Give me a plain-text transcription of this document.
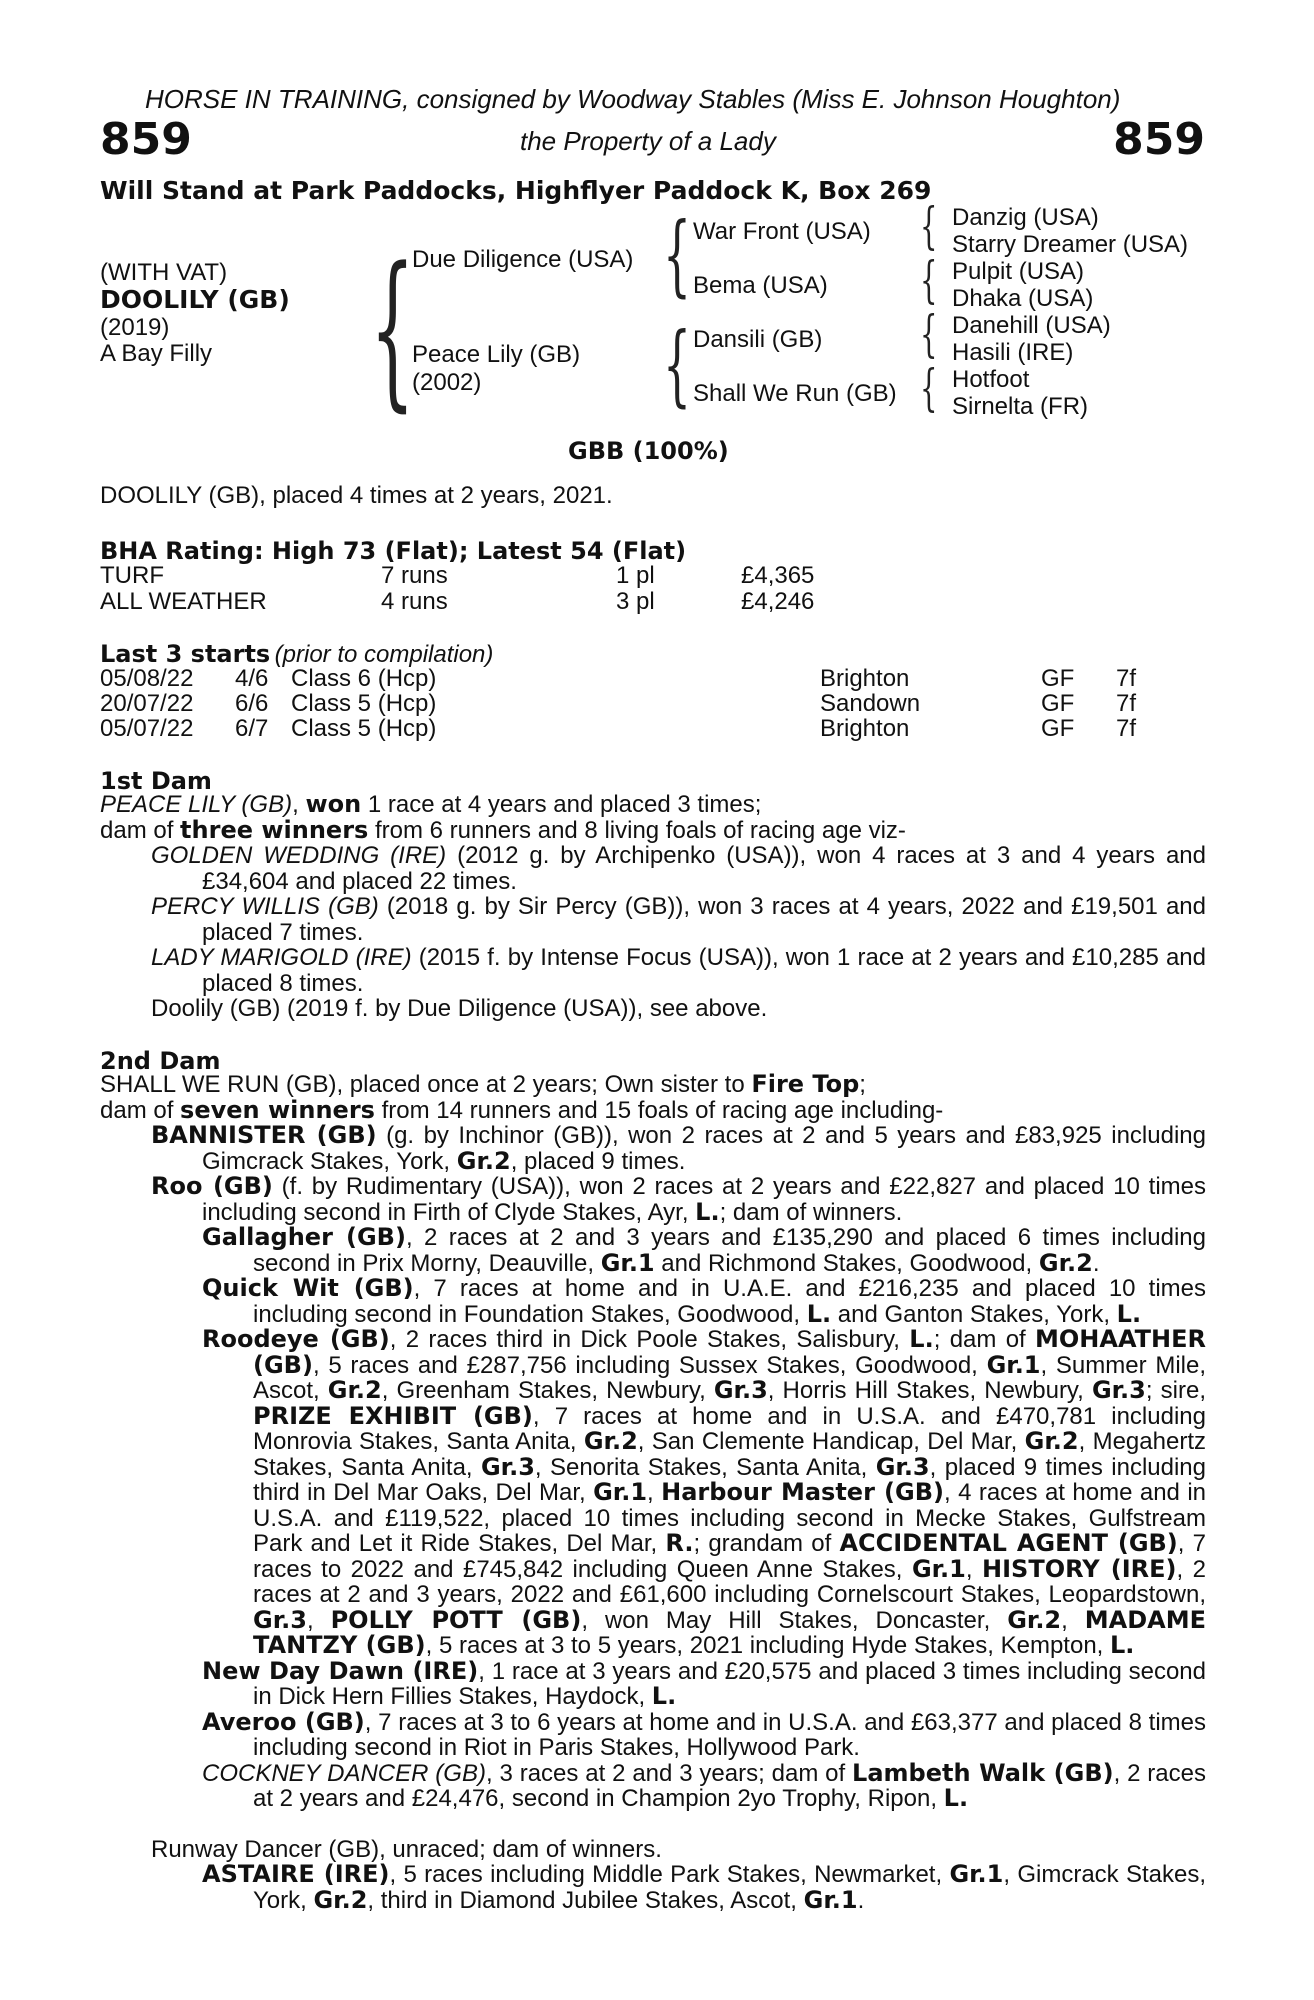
HORSE IN TRAINING, consigned by Woodway Stables (Miss E. Johnson Houghton)
859	859
the Property of a Lady
Will Stand at Park Paddocks, Highflyer Paddock K, Box 269
(WITH VAT)
DOOLILY (GB)
(2019)
A Bay Filly {
Due Diligence (USA)
Peace Lily (GB)
(2002)
{
{
War Front (USA)
Bema (USA)
Dansili (GB)
Shall We Run (GB)
{
{
{
{
Danzig (USA)
Starry Dreamer (USA)
Pulpit (USA)
Dhaka (USA)
Danehill (USA)
Hasili (IRE)
Hotfoot
Sirnelta (FR)
GBB (100%)
DOOLILY (GB), placed 4 times at 2 years, 2021.
BHA Rating: High 73 (Flat); Latest 54 (Flat)
TURF	7 runs	1 pl	£4,365
ALL WEATHER	4 runs	3 pl	£4,246
Last 3 starts (prior to compilation)
05/08/22 4/6 Class 6 (Hcp)	Brighton	GF 7f
20/07/22 6/6 Class 5 (Hcp)	Sandown	GF 7f
05/07/22 6/7 Class 5 (Hcp)	Brighton	GF 7f
1st Dam

PEACE LILY (GB), won 1 race at 4 years and placed 3 times;

dam of three winners from 6 runners and 8 living foals of racing age viz-

GOLDEN WEDDING (IRE) (2012 g. by Archipenko (USA)), won 4 races at 3 and 4 years and £34,604 and placed 22 times.

PERCY WILLIS (GB) (2018 g. by Sir Percy (GB)), won 3 races at 4 years, 2022 and £19,501 and placed 7 times.

LADY MARIGOLD (IRE) (2015 f. by Intense Focus (USA)), won 1 race at 2 years and £10,285 and placed 8 times.

Doolily (GB) (2019 f. by Due Diligence (USA)), see above.

2nd Dam

SHALL WE RUN (GB), placed once at 2 years; Own sister to Fire Top;

dam of seven winners from 14 runners and 15 foals of racing age including-

BANNISTER (GB) (g. by Inchinor (GB)), won 2 races at 2 and 5 years and £83,925 including Gimcrack Stakes, York, Gr.2, placed 9 times.

Roo (GB) (f. by Rudimentary (USA)), won 2 races at 2 years and £22,827 and placed 10 times including second in Firth of Clyde Stakes, Ayr, L.; dam of winners.

Gallagher (GB), 2 races at 2 and 3 years and £135,290 and placed 6 times including second in Prix Morny, Deauville, Gr.1 and Richmond Stakes, Goodwood, Gr.2.

Quick Wit (GB), 7 races at home and in U.A.E. and £216,235 and placed 10 times including second in Foundation Stakes, Goodwood, L. and Ganton Stakes, York, L.

Roodeye (GB), 2 races third in Dick Poole Stakes, Salisbury, L.; dam of MOHAATHER (GB), 5 races and £287,756 including Sussex Stakes, Goodwood, Gr.1, Summer Mile, Ascot, Gr.2, Greenham Stakes, Newbury, Gr.3, Horris Hill Stakes, Newbury, Gr.3; sire, PRIZE EXHIBIT (GB), 7 races at home and in U.S.A. and £470,781 including Monrovia Stakes, Santa Anita, Gr.2, San Clemente Handicap, Del Mar, Gr.2, Megahertz Stakes, Santa Anita, Gr.3, Senorita Stakes, Santa Anita, Gr.3, placed 9 times including third in Del Mar Oaks, Del Mar, Gr.1, Harbour Master (GB), 4 races at home and in U.S.A. and £119,522, placed 10 times including second in Mecke Stakes, Gulfstream Park and Let it Ride Stakes, Del Mar, R.; grandam of ACCIDENTAL AGENT (GB), 7 races to 2022 and £745,842 including Queen Anne Stakes, Gr.1, HISTORY (IRE), 2 races at 2 and 3 years, 2022 and £61,600 including Cornelscourt Stakes, Leopardstown, Gr.3, POLLY POTT (GB), won May Hill Stakes, Doncaster, Gr.2, MADAME TANTZY (GB), 5 races at 3 to 5 years, 2021 including Hyde Stakes, Kempton, L.

New Day Dawn (IRE), 1 race at 3 years and £20,575 and placed 3 times including second in Dick Hern Fillies Stakes, Haydock, L.

Averoo (GB), 7 races at 3 to 6 years at home and in U.S.A. and £63,377 and placed 8 times including second in Riot in Paris Stakes, Hollywood Park.

COCKNEY DANCER (GB), 3 races at 2 and 3 years; dam of Lambeth Walk (GB), 2 races at 2 years and £24,476, second in Champion 2yo Trophy, Ripon, L.

Runway Dancer (GB), unraced; dam of winners.

ASTAIRE (IRE), 5 races including Middle Park Stakes, Newmarket, Gr.1, Gimcrack Stakes, York, Gr.2, third in Diamond Jubilee Stakes, Ascot, Gr.1.
